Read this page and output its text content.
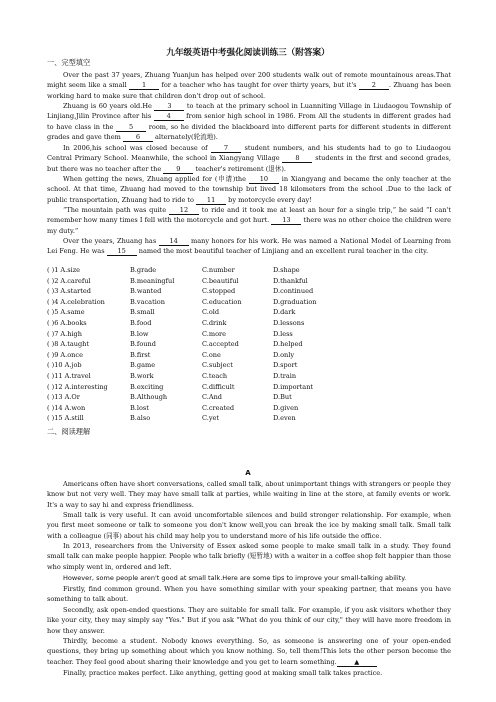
九年级英语中考强化阅读训练三（附答案）
一、完型填空
Over the past 37 years, Zhuang Yuanjun has helped over 200 students walk out of remote mountainous areas.That might seem like a small 1 for a teacher who has taught for over thirty years, but it's 2 . Zhuang has been working hard to make sure that children don't drop out of school.
Zhuang is 60 years old.He 3 to teach at the primary school in Luanniting Village in Liudaogou Township of Linjiang,Jilin Province after his 4 from senior high school in 1986. From All the students in different grades had to have class in the 5 room, so he divided the blackboard into different parts for different students in different grades and gave them 6 alternately(轮流地).
In 2006,his school was closed because of 7	student numbers, and his students had to go to Liudaogou Central Primary School. Meanwhile, the school in Xiangyang Village 8 students in the first and second grades, but there was no teacher after the 9 teacher's retirement (退休).
When getting the news, Zhuang applied for (申请)the 10 in Xiangyang and became the only teacher at the school. At that time, Zhuang had moved to the township but lived 18 kilometers from the school .Due to the lack of public transportation, Zhuang had to ride to 11 by motorcycle every day!
“The mountain path was quite 12 to ride and it took me at least an hour for a single trip,” he said “I can't remember how many times I fell with the motorcycle and got hurt. 13 there was no other choice the children were my duty.”
Over the years, Zhuang has 14 many honors for his work. He was named a National Model of Learning from Lei Feng. He was 15 named the most beautiful teacher of Linjiang and an excellent rural teacher in the city.
( )1 A.size	B.grade	C.number	D.shape
( )2 A.careful	B.meaningful	C.beautiful	D.thankful
( )3 A.started	B.wanted	C.stopped	D.continued
( )4 A.celebration	B.vacation	C.education	D.graduation
( )5 A.same	B.small	C.old	D.dark
( )6 A.books	B.food	C.drink	D.lessons
( )7 A.high	B.low	C.more	D.less
( )8 A.taught	B.found	C.accepted	D.helped
( )9 A.once	B.first	C.one	D.only
( )10 A.job	B.game	C.subject	D.sport
( )11 A.travel	B.work	C.teach	D.train
( )12 A.interesting	B.exciting	C.difficult	D.important
( )13 A.Or	B.Although	C.And	D.But
( )14 A.won	B.lost	C.created	D.given
( )15 A.still	B.also	C.yet	D.even
二、阅读理解
A
Americans often have short conversations, called small talk, about unimportant things with strangers or people they know but not very well. They may have small talk at parties, while waiting in line at the store, at family events or work. It's a way to say hi and express friendliness.
Small talk is very useful. It can avoid uncomfortable silences and build stronger relationship. For example, when you first meet someone or talk to someone you don't know well,you can break the ice by making small talk. Small talk with a colleague (同事) about his child may help you to understand more of his life outside the office.
In 2013, researchers from the University of Essex asked some people to make small talk in a study. They found small talk can make people happier. People who talk briefly (短暂地) with a waiter in a coffee shop felt happier than those who simply went in, ordered and left.
However, some people aren't good at small talk.Here are some tips to improve your small-talking ability.
Firstly, find common ground. When you have something similar with your speaking partner, that means you have something to talk about.
Secondly, ask open-ended questions. They are suitable for small talk. For example, if you ask visitors whether they like your city, they may simply say "Yes." But if you ask "What do you think of our city," they will have more freedom in how they answer.
Thirdly, become a student. Nobody knows everything. So, as someone is answering one of your open-ended questions, they bring up something about which you know nothing. So, tell them!This lets the other person become the teacher. They feel good about sharing their knowledge and you get to learn something.	▲
Finally, practice makes perfect. Like anything, getting good at making small talk takes practice.
